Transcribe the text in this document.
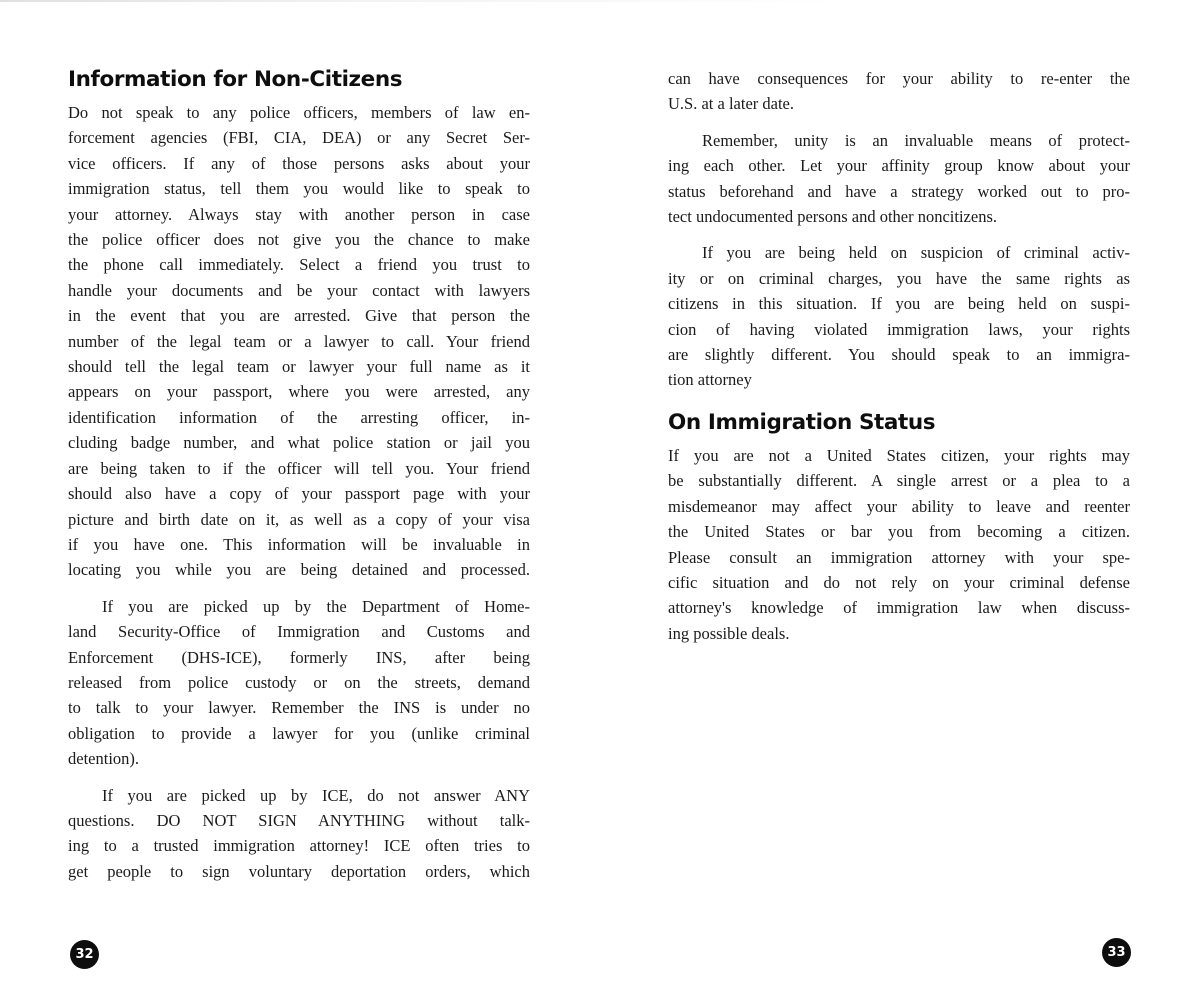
Information for Non-Citizens
Do not speak to any police officers, members of law en-
forcement agencies (FBI, CIA, DEA) or any Secret Ser-
vice officers. If any of those persons asks about your
immigration status, tell them you would like to speak to
your attorney. Always stay with another person in case
the police officer does not give you the chance to make
the phone call immediately. Select a friend you trust to
handle your documents and be your contact with lawyers
in the event that you are arrested. Give that person the
number of the legal team or a lawyer to call. Your friend
should tell the legal team or lawyer your full name as it
appears on your passport, where you were arrested, any
identification information of the arresting officer, in-
cluding badge number, and what police station or jail you
are being taken to if the officer will tell you. Your friend
should also have a copy of your passport page with your
picture and birth date on it, as well as a copy of your visa
if you have one. This information will be invaluable in
locating you while you are being detained and processed.
If you are picked up by the Department of Home-
land Security-Office of Immigration and Customs and
Enforcement (DHS-ICE), formerly INS, after being
released from police custody or on the streets, demand
to talk to your lawyer. Remember the INS is under no
obligation to provide a lawyer for you (unlike criminal
detention).
If you are picked up by ICE, do not answer ANY
questions. DO NOT SIGN ANYTHING without talk-
ing to a trusted immigration attorney! ICE often tries to
get people to sign voluntary deportation orders, which
can have consequences for your ability to re-enter the
U.S. at a later date.
Remember, unity is an invaluable means of protect-
ing each other. Let your affinity group know about your
status beforehand and have a strategy worked out to pro-
tect undocumented persons and other noncitizens.
If you are being held on suspicion of criminal activ-
ity or on criminal charges, you have the same rights as
citizens in this situation. If you are being held on suspi-
cion of having violated immigration laws, your rights
are slightly different. You should speak to an immigra-
tion attorney
On Immigration Status
If you are not a United States citizen, your rights may
be substantially different. A single arrest or a plea to a
misdemeanor may affect your ability to leave and reenter
the United States or bar you from becoming a citizen.
Please consult an immigration attorney with your spe-
cific situation and do not rely on your criminal defense
attorney's knowledge of immigration law when discuss-
ing possible deals.
32	33
